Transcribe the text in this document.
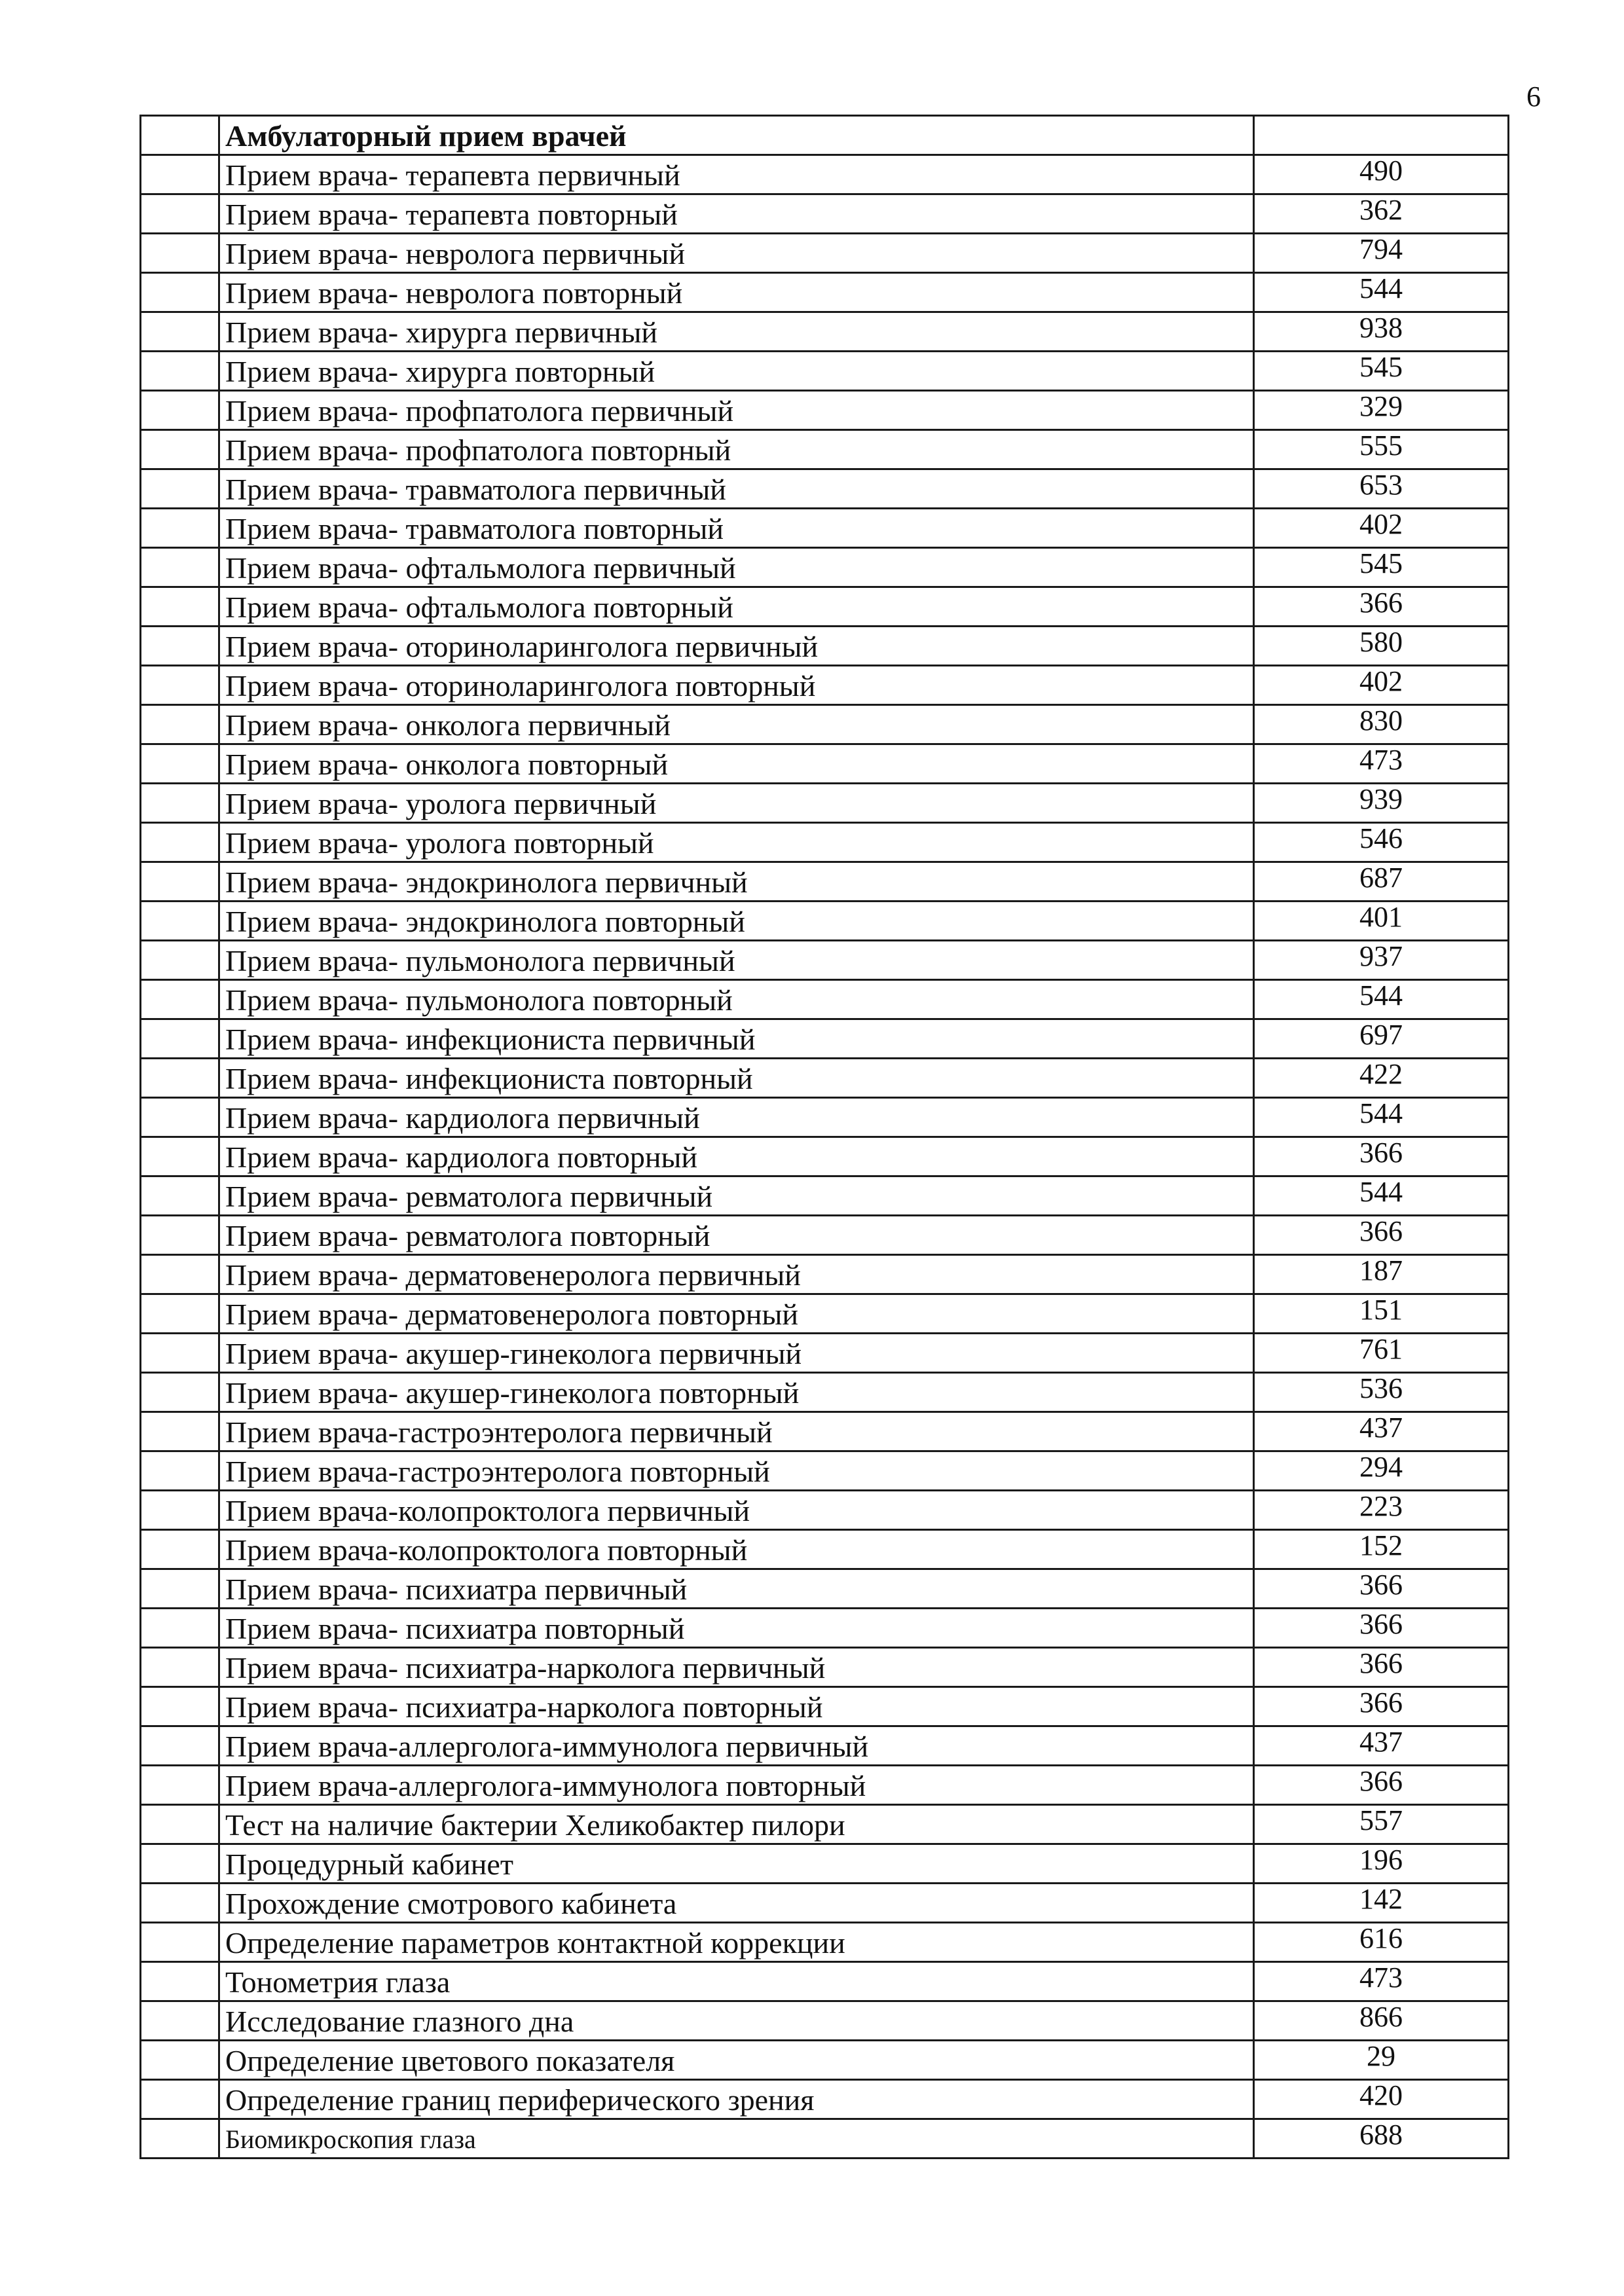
6
	Амбулаторный прием врачей	
	Прием врача- терапевта первичный	490
	Прием врача- терапевта повторный	362
	Прием врача- невролога первичный	794
	Прием врача- невролога повторный	544
	Прием врача- хирурга первичный	938
	Прием врача- хирурга повторный	545
	Прием врача- профпатолога первичный	329
	Прием врача- профпатолога повторный	555
	Прием врача- травматолога первичный	653
	Прием врача- травматолога повторный	402
	Прием врача- офтальмолога первичный	545
	Прием врача- офтальмолога повторный	366
	Прием врача- оториноларинголога первичный	580
	Прием врача- оториноларинголога повторный	402
	Прием врача- онколога первичный	830
	Прием врача- онколога повторный	473
	Прием врача- уролога первичный	939
	Прием врача- уролога повторный	546
	Прием врача- эндокринолога первичный	687
	Прием врача- эндокринолога повторный	401
	Прием врача- пульмонолога первичный	937
	Прием врача- пульмонолога повторный	544
	Прием врача- инфекциониста первичный	697
	Прием врача- инфекциониста повторный	422
	Прием врача- кардиолога первичный	544
	Прием врача- кардиолога повторный	366
	Прием врача- ревматолога первичный	544
	Прием врача- ревматолога повторный	366
	Прием врача- дерматовенеролога первичный	187
	Прием врача- дерматовенеролога повторный	151
	Прием врача- акушер-гинеколога первичный	761
	Прием врача- акушер-гинеколога повторный	536
	Прием врача-гастроэнтеролога первичный	437
	Прием врача-гастроэнтеролога повторный	294
	Прием врача-колопроктолога первичный	223
	Прием врача-колопроктолога повторный	152
	Прием врача- психиатра первичный	366
	Прием врача- психиатра повторный	366
	Прием врача- психиатра-нарколога первичный	366
	Прием врача- психиатра-нарколога повторный	366
	Прием врача-аллерголога-иммунолога первичный	437
	Прием врача-аллерголога-иммунолога повторный	366
	Тест на наличие бактерии Хеликобактер пилори	557
	Процедурный кабинет	196
	Прохождение смотрового кабинета	142
	Определение параметров контактной коррекции	616
	Тонометрия глаза	473
	Исследование глазного дна	866
	Определение цветового показателя	29
	Определение границ периферического зрения	420
	Биомикроскопия глаза	688
